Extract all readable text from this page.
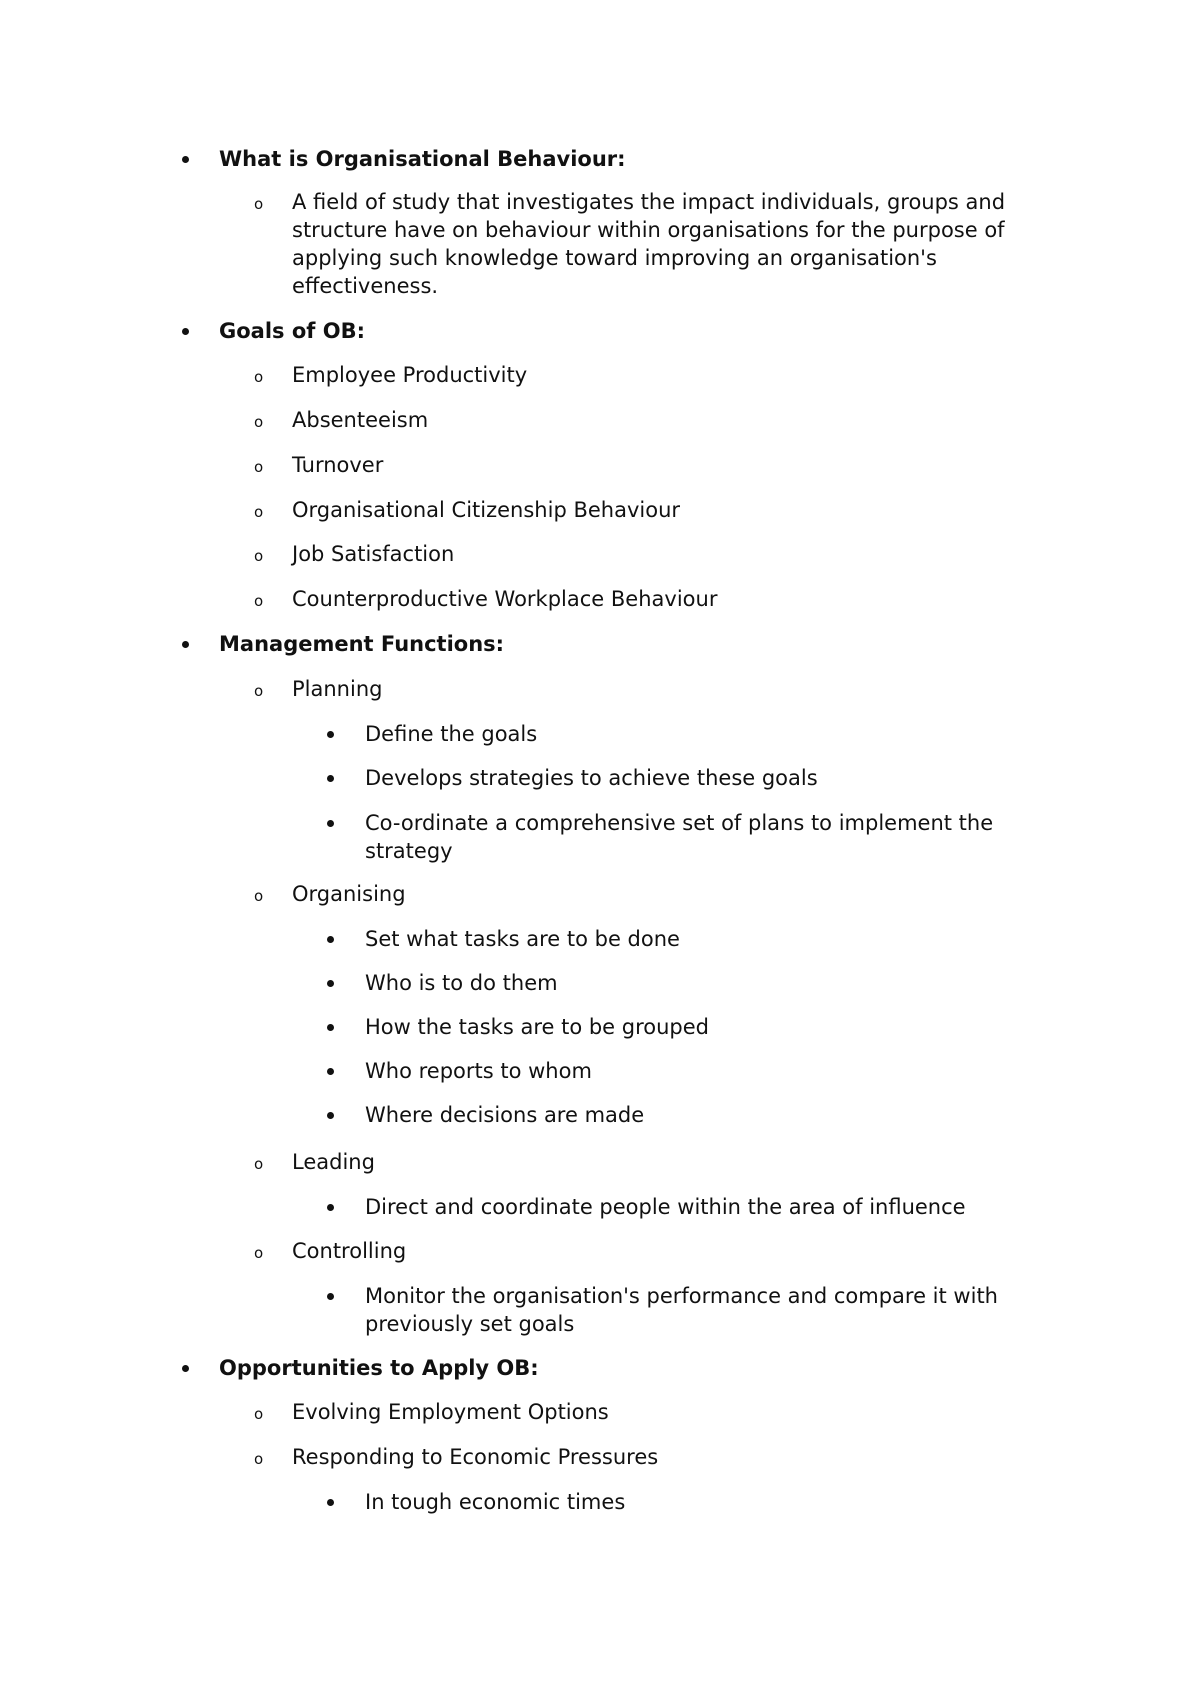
What is Organisational Behaviour:
o A field of study that investigates the impact individuals, groups and
structure have on behaviour within organisations for the purpose of
applying such knowledge toward improving an organisation's
effectiveness.
Goals of OB:
o Employee Productivity
o Absenteeism
o Turnover
o Organisational Citizenship Behaviour
o Job Satisfaction
o Counterproductive Workplace Behaviour
Management Functions:
o Planning
Define the goals
Develops strategies to achieve these goals
Co-ordinate a comprehensive set of plans to implement the
strategy
o Organising
Set what tasks are to be done
Who is to do them
How the tasks are to be grouped
Who reports to whom
Where decisions are made
o Leading
Direct and coordinate people within the area of influence
o Controlling
Monitor the organisation's performance and compare it with
previously set goals
Opportunities to Apply OB:
o Evolving Employment Options
o Responding to Economic Pressures
In tough economic times
